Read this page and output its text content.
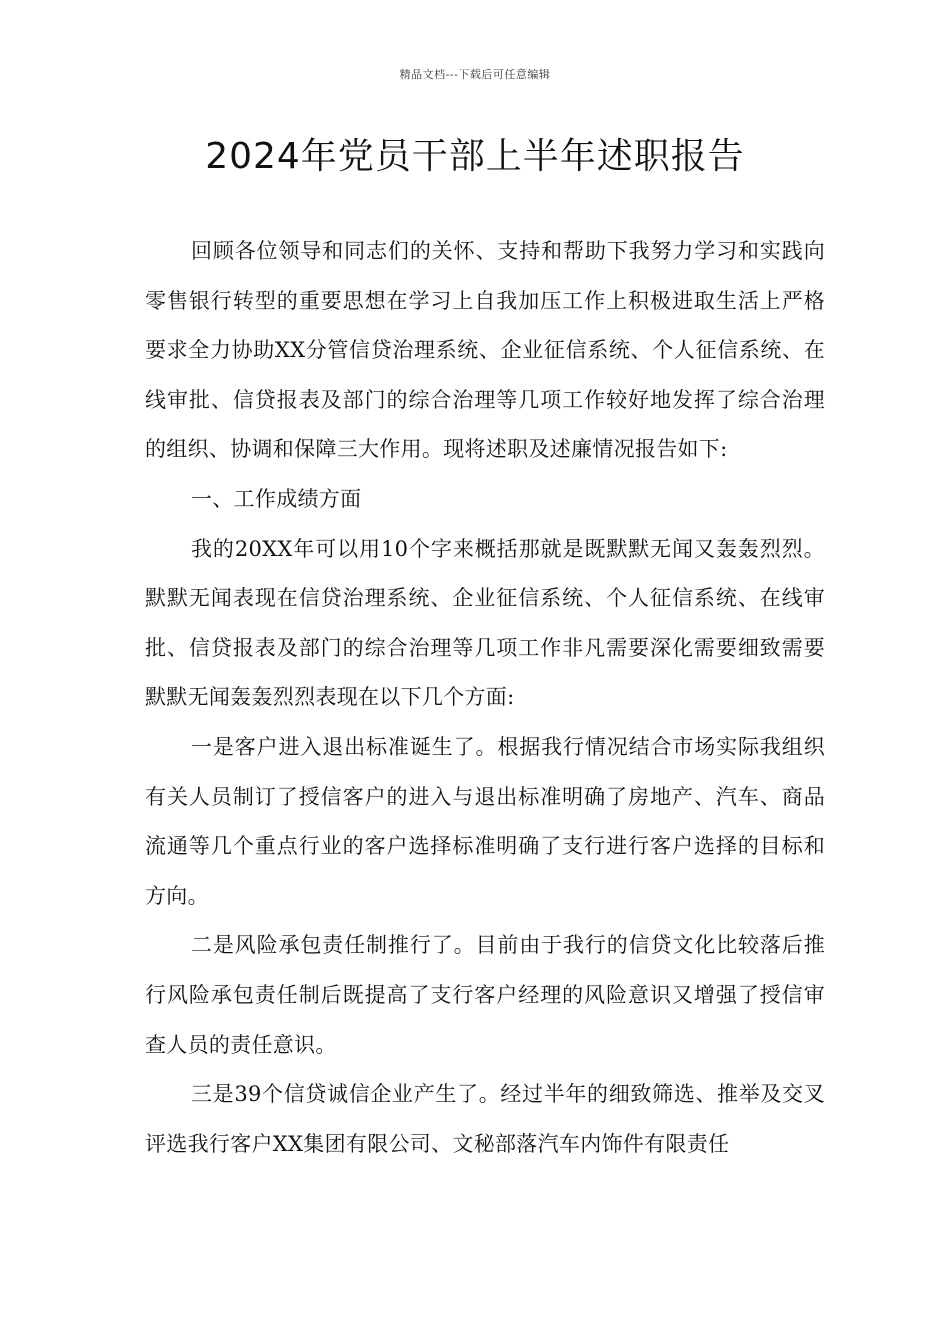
精品文档---下载后可任意编辑
2024年党员干部上半年述职报告

回顾各位领导和同志们的关怀、支持和帮助下我努力学习和实践向零售银行转型的重要思想在学习上自我加压工作上积极进取生活上严格要求全力协助XX分管信贷治理系统、企业征信系统、个人征信系统、在线审批、信贷报表及部门的综合治理等几项工作较好地发挥了综合治理的组织、协调和保障三大作用。现将述职及述廉情况报告如下:

一、工作成绩方面

我的20XX年可以用10个字来概括那就是既默默无闻又轰轰烈烈。默默无闻表现在信贷治理系统、企业征信系统、个人征信系统、在线审批、信贷报表及部门的综合治理等几项工作非凡需要深化需要细致需要默默无闻轰轰烈烈表现在以下几个方面:

一是客户进入退出标准诞生了。根据我行情况结合市场实际我组织有关人员制订了授信客户的进入与退出标准明确了房地产、汽车、商品流通等几个重点行业的客户选择标准明确了支行进行客户选择的目标和方向。

二是风险承包责任制推行了。目前由于我行的信贷文化比较落后推行风险承包责任制后既提高了支行客户经理的风险意识又增强了授信审查人员的责任意识。

三是39个信贷诚信企业产生了。经过半年的细致筛选、推举及交叉评选我行客户XX集团有限公司、文秘部落汽车内饰件有限责任
